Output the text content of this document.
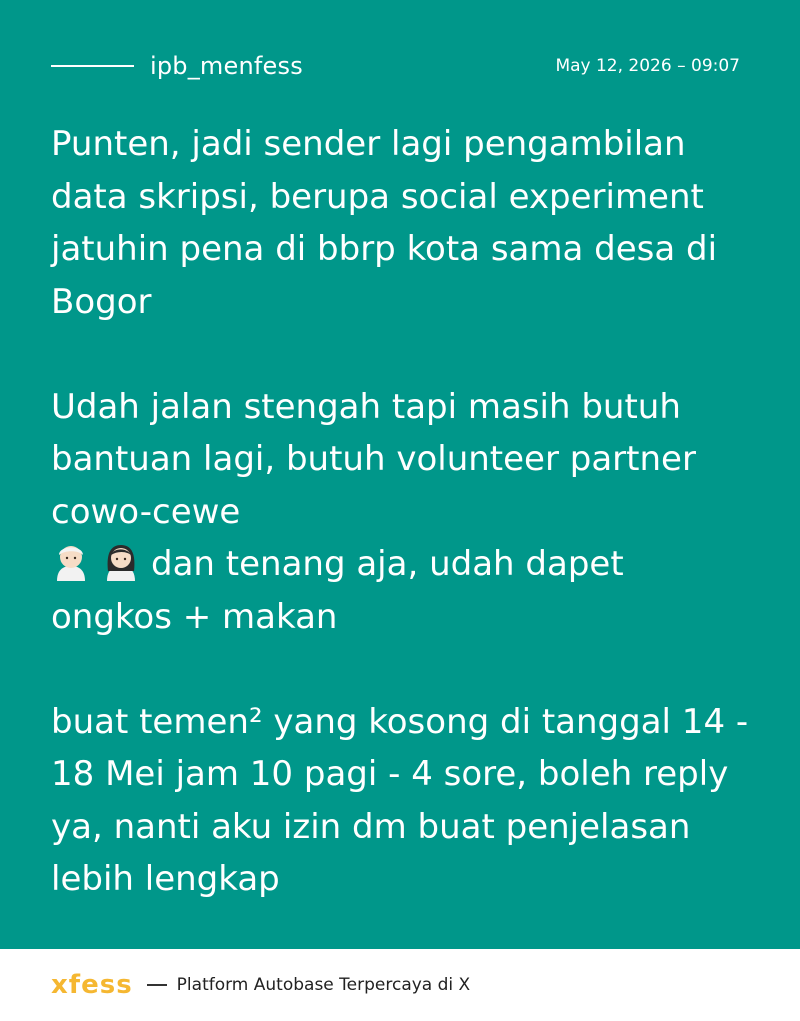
ipb_menfess	May 12, 2026 – 09:07

Punten, jadi sender lagi pengambilan data skripsi, berupa social experiment jatuhin pena di bbrp kota sama desa di Bogor

Udah jalan stengah tapi masih butuh bantuan lagi, butuh volunteer partner cowo-cewe
dan tenang aja, udah dapet ongkos + makan

buat temen² yang kosong di tanggal 14 - 18 Mei jam 10 pagi - 4 sore, boleh reply ya, nanti aku izin dm buat penjelasan lebih lengkap

xfess	Platform Autobase Terpercaya di X
